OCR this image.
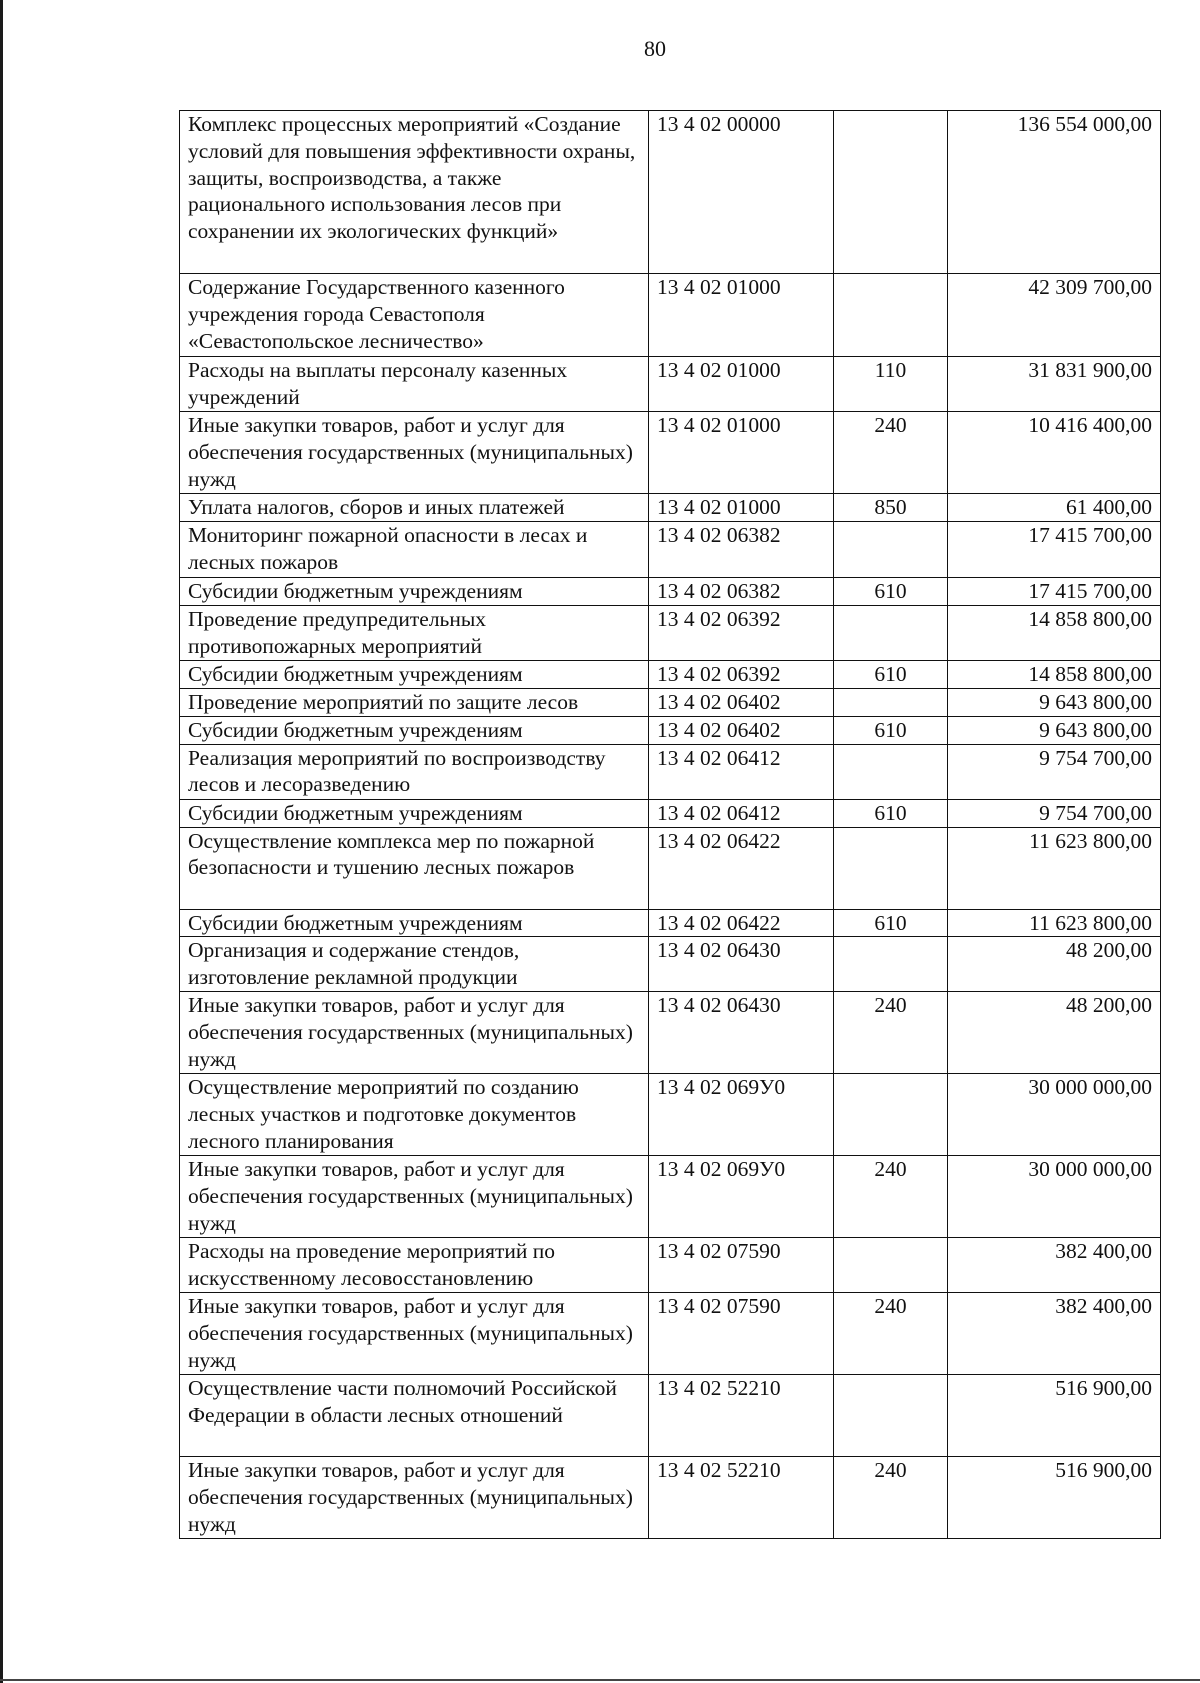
80
Комплекс процессных мероприятий «Создание условий для повышения эффективности охраны, защиты, воспроизводства, а также рационального использования лесов при сохранении их экологических функций»	13 4 02 00000		136 554 000,00
Содержание Государственного казенного учреждения города Севастополя «Севастопольское лесничество»	13 4 02 01000		42 309 700,00
Расходы на выплаты персоналу казенных учреждений	13 4 02 01000	110	31 831 900,00
Иные закупки товаров, работ и услуг для обеспечения государственных (муниципальных) нужд	13 4 02 01000	240	10 416 400,00
Уплата налогов, сборов и иных платежей	13 4 02 01000	850	61 400,00
Мониторинг пожарной опасности в лесах и лесных пожаров	13 4 02 06382		17 415 700,00
Субсидии бюджетным учреждениям	13 4 02 06382	610	17 415 700,00
Проведение предупредительных противопожарных мероприятий	13 4 02 06392		14 858 800,00
Субсидии бюджетным учреждениям	13 4 02 06392	610	14 858 800,00
Проведение мероприятий по защите лесов	13 4 02 06402		9 643 800,00
Субсидии бюджетным учреждениям	13 4 02 06402	610	9 643 800,00
Реализация мероприятий по воспроизводству лесов и лесоразведению	13 4 02 06412		9 754 700,00
Субсидии бюджетным учреждениям	13 4 02 06412	610	9 754 700,00
Осуществление комплекса мер по пожарной безопасности и тушению лесных пожаров	13 4 02 06422		11 623 800,00
Субсидии бюджетным учреждениям	13 4 02 06422	610	11 623 800,00
Организация и содержание стендов, изготовление рекламной продукции	13 4 02 06430		48 200,00
Иные закупки товаров, работ и услуг для обеспечения государственных (муниципальных) нужд	13 4 02 06430	240	48 200,00
Осуществление мероприятий по созданию лесных участков и подготовке документов лесного планирования	13 4 02 069У0		30 000 000,00
Иные закупки товаров, работ и услуг для обеспечения государственных (муниципальных) нужд	13 4 02 069У0	240	30 000 000,00
Расходы на проведение мероприятий по искусственному лесовосстановлению	13 4 02 07590		382 400,00
Иные закупки товаров, работ и услуг для обеспечения государственных (муниципальных) нужд	13 4 02 07590	240	382 400,00
Осуществление части полномочий Российской Федерации в области лесных отношений	13 4 02 52210		516 900,00
Иные закупки товаров, работ и услуг для обеспечения государственных (муниципальных) нужд	13 4 02 52210	240	516 900,00
